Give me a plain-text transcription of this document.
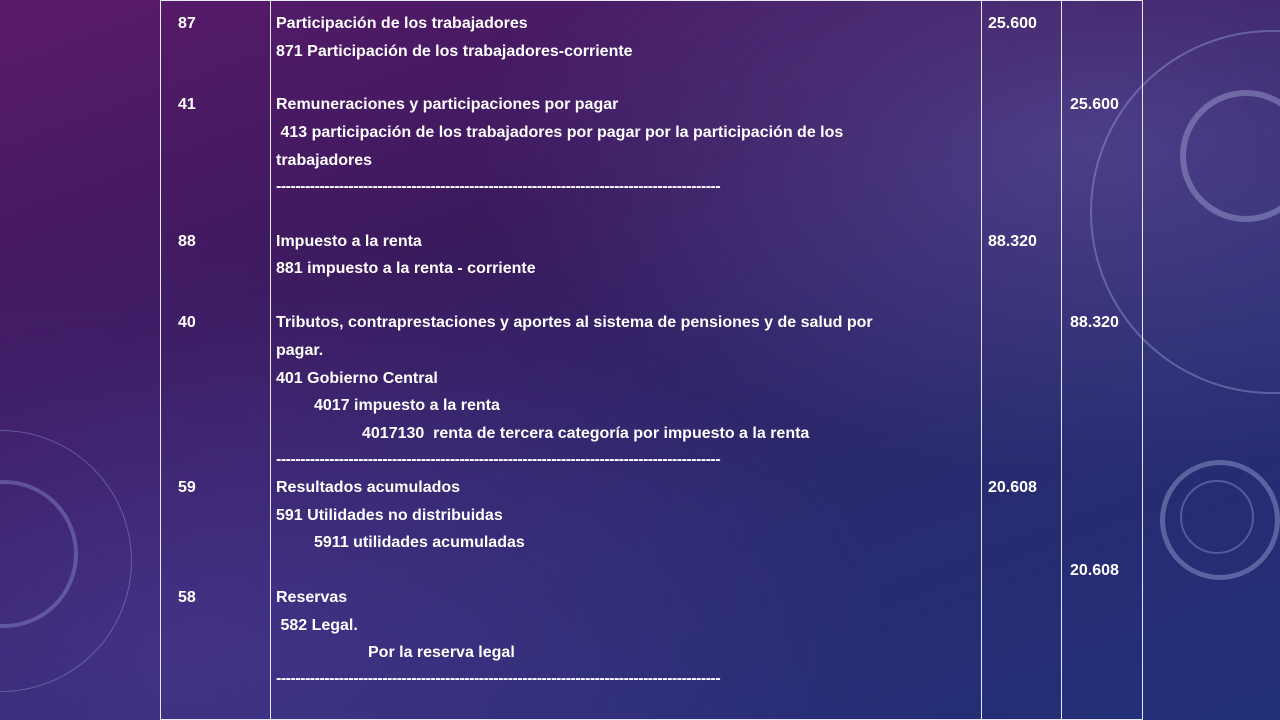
87
41
88
40
59
58
Participación de los trabajadores
871 Participación de los trabajadores-corriente
Remuneraciones y participaciones por pagar
413 participación de los trabajadores por pagar por la participación de los
trabajadores
--------------------------------------------------------------------------------------------
Impuesto a la renta
881 impuesto a la renta - corriente
Tributos, contraprestaciones y aportes al sistema de pensiones y de salud por
pagar.
401 Gobierno Central
4017 impuesto a la renta
4017130  renta de tercera categoría por impuesto a la renta
--------------------------------------------------------------------------------------------
Resultados acumulados
591 Utilidades no distribuidas
5911 utilidades acumuladas
Reservas
582 Legal.
Por la reserva legal
--------------------------------------------------------------------------------------------
25.600
88.320
20.608
25.600
88.320
20.608
